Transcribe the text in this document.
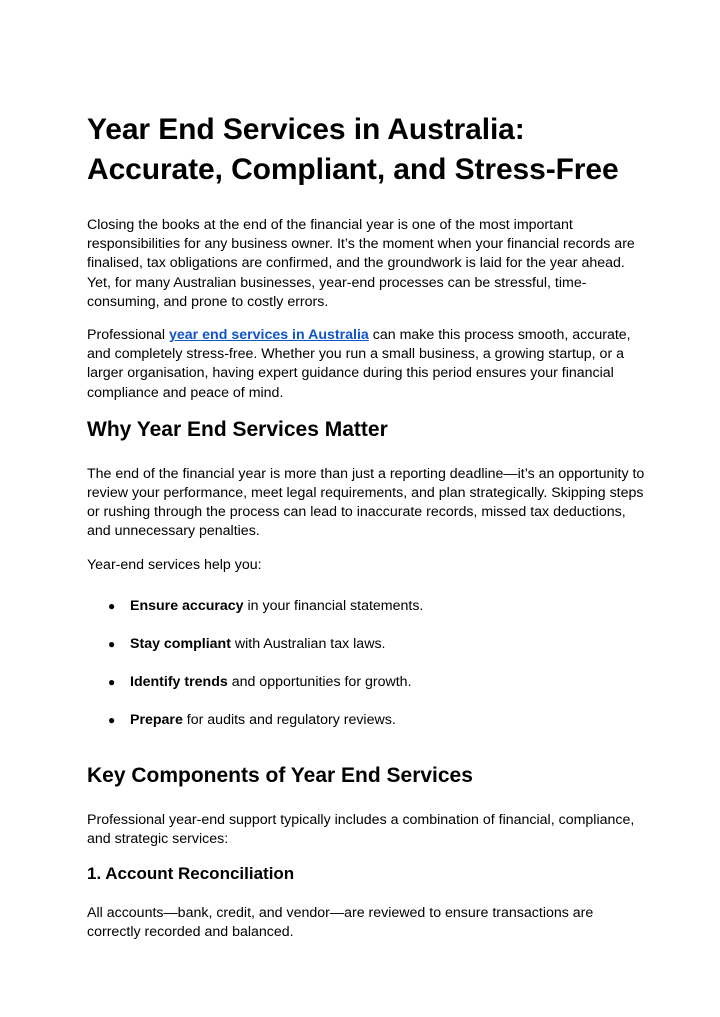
Year End Services in Australia: Accurate, Compliant, and Stress-Free

Closing the books at the end of the financial year is one of the most important responsibilities for any business owner. It’s the moment when your financial records are finalised, tax obligations are confirmed, and the groundwork is laid for the year ahead. Yet, for many Australian businesses, year-end processes can be stressful, time-consuming, and prone to costly errors.

Professional year end services in Australia can make this process smooth, accurate, and completely stress-free. Whether you run a small business, a growing startup, or a larger organisation, having expert guidance during this period ensures your financial compliance and peace of mind.

Why Year End Services Matter

The end of the financial year is more than just a reporting deadline—it’s an opportunity to review your performance, meet legal requirements, and plan strategically. Skipping steps or rushing through the process can lead to inaccurate records, missed tax deductions, and unnecessary penalties.

Year-end services help you:

● Ensure accuracy in your financial statements.
● Stay compliant with Australian tax laws.
● Identify trends and opportunities for growth.
● Prepare for audits and regulatory reviews.
Key Components of Year End Services

Professional year-end support typically includes a combination of financial, compliance, and strategic services:

1. Account Reconciliation

All accounts—bank, credit, and vendor—are reviewed to ensure transactions are correctly recorded and balanced.
